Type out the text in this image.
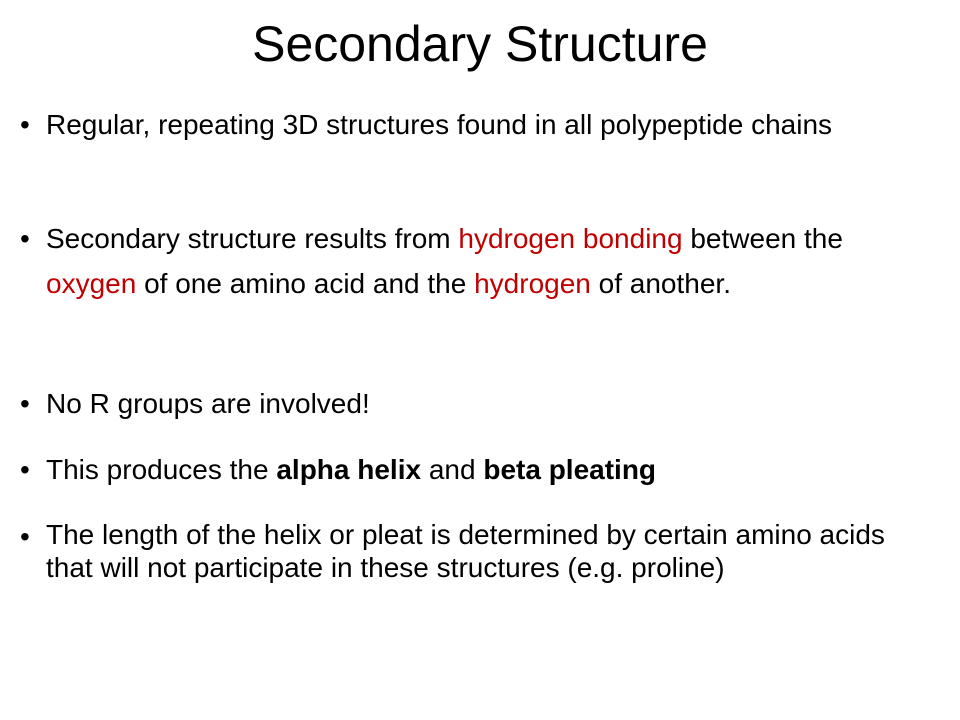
Secondary Structure
• Regular, repeating 3D structures found in all polypeptide chains
• Secondary structure results from hydrogen bonding between the oxygen of one amino acid and the hydrogen of another.
• No R groups are involved!
• This produces the alpha helix and beta pleating
• The length of the helix or pleat is determined by certain amino acids that will not participate in these structures (e.g. proline)
